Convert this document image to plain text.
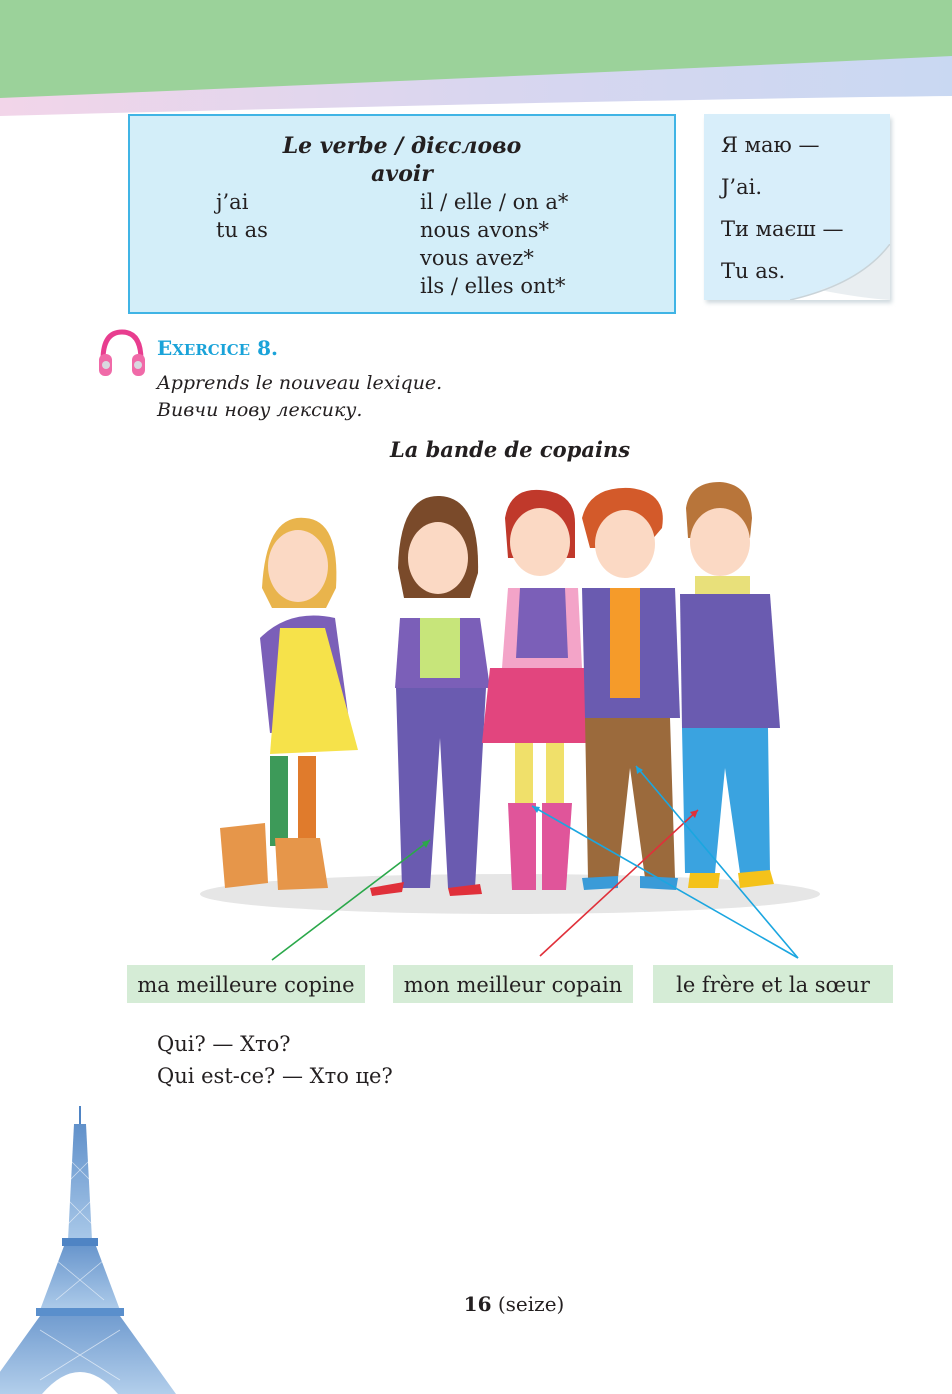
Le verbe / дієслово
avoir
j’ai
tu as
il / elle / on a*
nous avons*
vous avez*
ils / elles ont*
Я маю —
J’ai.
Ти маєш —
Tu as.
EXERCICE 8.
Apprends le nouveau lexique.
Вивчи нову лексику.
La bande de copains
ma meilleure copine	mon meilleur copain	le frère et la sœur
Qui? — Хто?
Qui est-ce? — Хто це?
16 (seize)
